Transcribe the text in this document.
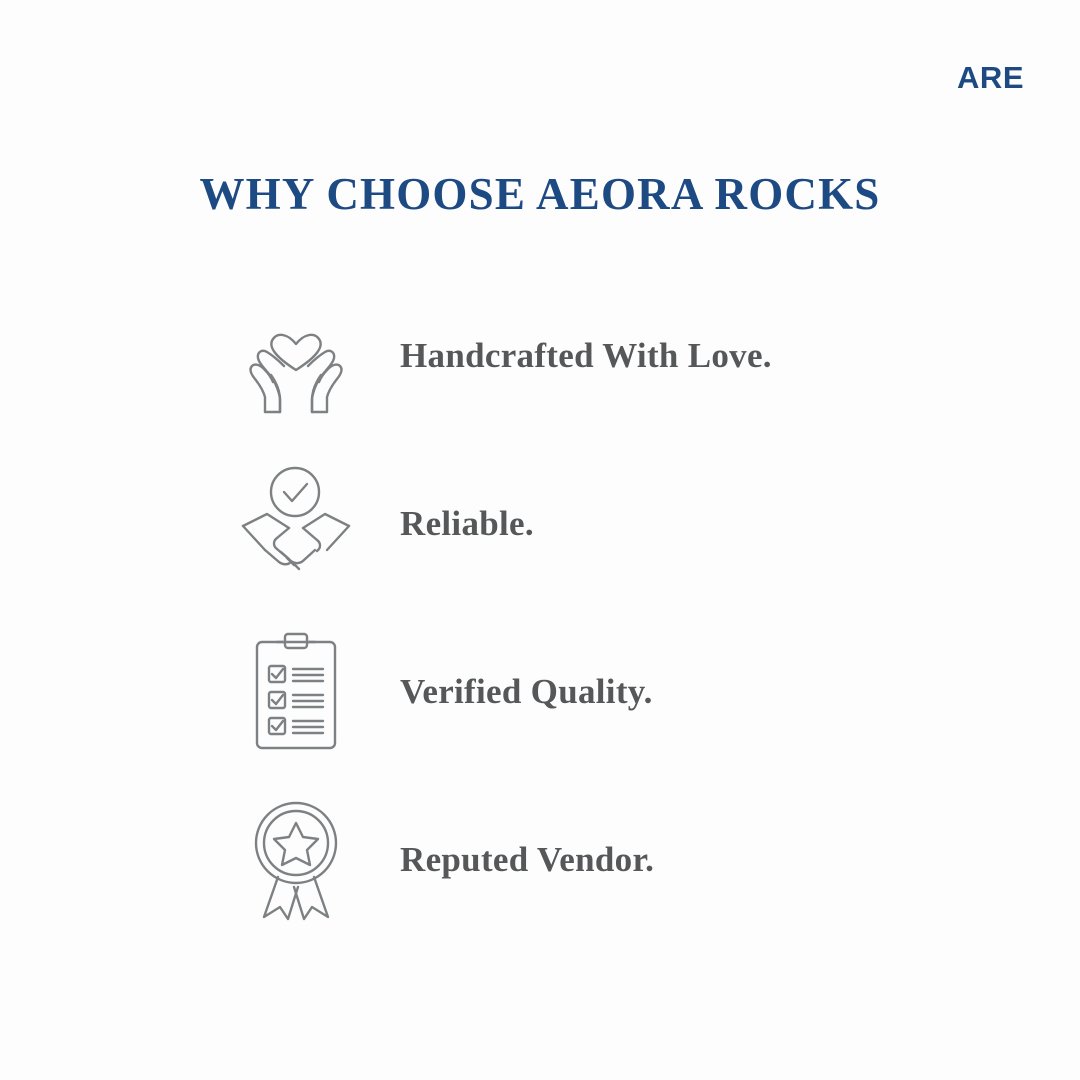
ARE
WHY CHOOSE AEORA ROCKS
Handcrafted With Love.
Reliable.
Verified Quality.
Reputed Vendor.
